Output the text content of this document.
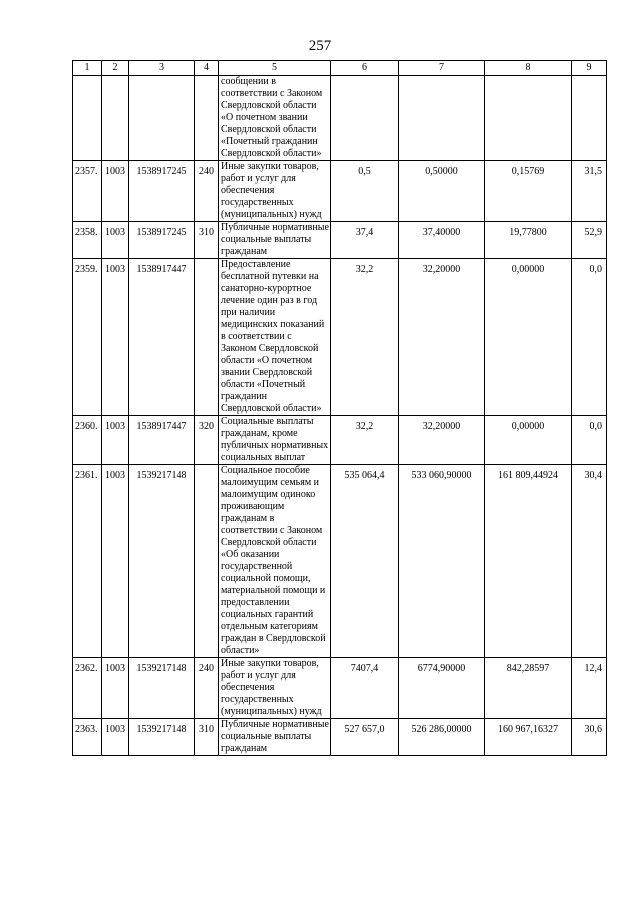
257
1	2	3	4	5	6	7	8	9
				сообщении в соответствии с Законом Свердловской области «О почетном звании Свердловской области «Почетный гражданин Свердловской области»				
2357.	1003	1538917245	240	Иные закупки товаров, работ и услуг для обеспечения государственных (муниципальных) нужд	0,5	0,50000	0,15769	31,5
2358.	1003	1538917245	310	Публичные нормативные социальные выплаты гражданам	37,4	37,40000	19,77800	52,9
2359.	1003	1538917447		Предоставление бесплатной путевки на санаторно-курортное лечение один раз в год при наличии медицинских показаний в соответствии с Законом Свердловской области «О почетном звании Свердловской области «Почетный гражданин Свердловской области»	32,2	32,20000	0,00000	0,0
2360.	1003	1538917447	320	Социальные выплаты гражданам, кроме публичных нормативных социальных выплат	32,2	32,20000	0,00000	0,0
2361.	1003	1539217148		Социальное пособие малоимущим семьям и малоимущим одиноко проживающим гражданам в соответствии с Законом Свердловской области «Об оказании государственной социальной помощи, материальной помощи и предоставлении социальных гарантий отдельным категориям граждан в Свердловской области»	535 064,4	533 060,90000	161 809,44924	30,4
2362.	1003	1539217148	240	Иные закупки товаров, работ и услуг для обеспечения государственных (муниципальных) нужд	7407,4	6774,90000	842,28597	12,4
2363.	1003	1539217148	310	Публичные нормативные социальные выплаты гражданам	527 657,0	526 286,00000	160 967,16327	30,6
